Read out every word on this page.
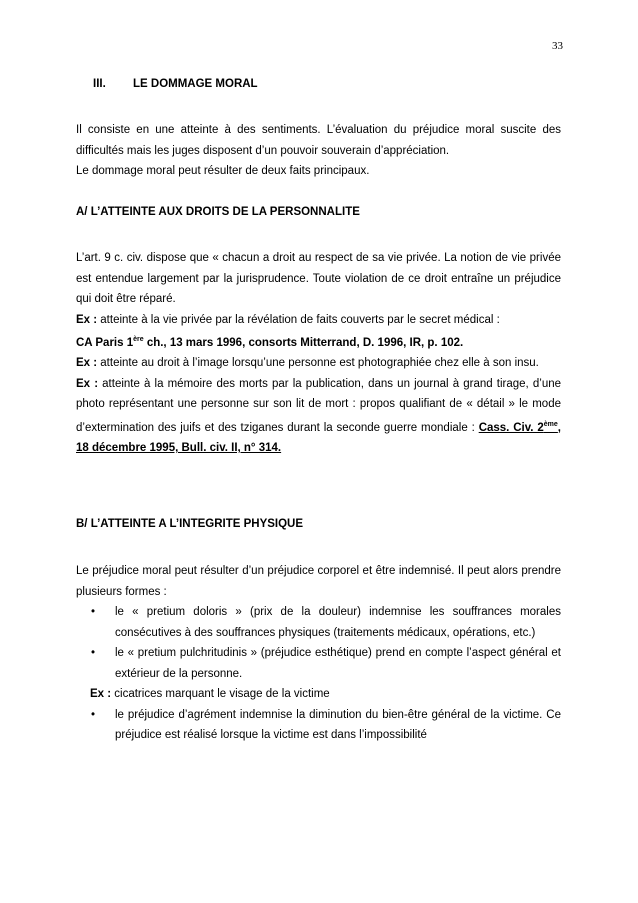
33
III. LE DOMMAGE MORAL

Il consiste en une atteinte à des sentiments. L’évaluation du préjudice moral suscite des difficultés mais les juges disposent d’un pouvoir souverain d’appréciation.

Le dommage moral peut résulter de deux faits principaux.

A/ L’ATTEINTE AUX DROITS DE LA PERSONNALITE

L’art. 9 c. civ. dispose que « chacun a droit au respect de sa vie privée. La notion de vie privée est entendue largement par la jurisprudence. Toute violation de ce droit entraîne un préjudice qui doit être réparé.

Ex : atteinte à la vie privée par la révélation de faits couverts par le secret médical :

CA Paris 1ère ch., 13 mars 1996, consorts Mitterrand, D. 1996, IR, p. 102.

Ex : atteinte au droit à l’image lorsqu’une personne est photographiée chez elle à son insu.

Ex : atteinte à la mémoire des morts par la publication, dans un journal à grand tirage, d’une photo représentant une personne sur son lit de mort : propos qualifiant de « détail » le mode d’extermination des juifs et des tziganes durant la seconde guerre mondiale : Cass. Civ. 2ème, 18 décembre 1995, Bull. civ. II, n° 314.

B/ L’ATTEINTE A L’INTEGRITE PHYSIQUE

Le préjudice moral peut résulter d’un préjudice corporel et être indemnisé. Il peut alors prendre plusieurs formes :

• le « pretium doloris » (prix de la douleur) indemnise les souffrances morales consécutives à des souffrances physiques (traitements médicaux, opérations, etc.)
• le « pretium pulchritudinis » (préjudice esthétique) prend en compte l’aspect général et extérieur de la personne.

Ex : cicatrices marquant le visage de la victime

• le préjudice d’agrément indemnise la diminution du bien-être général de la victime. Ce préjudice est réalisé lorsque la victime est dans l’impossibilité
